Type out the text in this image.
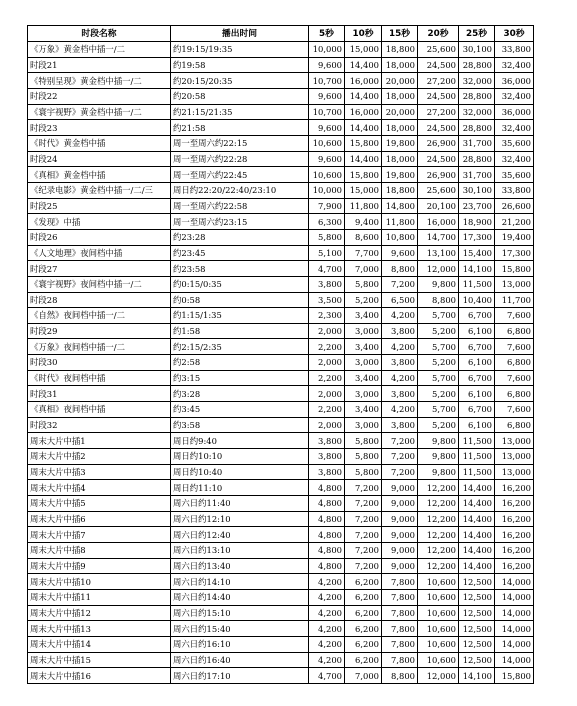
时段名称	播出时间	5秒	10秒	15秒	20秒	25秒	30秒
《万象》黄金档中插一/二	约19:15/19:35	10,000	15,000	18,800	25,600	30,100	33,800
时段21	约19:58	9,600	14,400	18,000	24,500	28,800	32,400
《特别呈现》黄金档中插一/二	约20:15/20:35	10,700	16,000	20,000	27,200	32,000	36,000
时段22	约20:58	9,600	14,400	18,000	24,500	28,800	32,400
《寰宇视野》黄金档中插一/二	约21:15/21:35	10,700	16,000	20,000	27,200	32,000	36,000
时段23	约21:58	9,600	14,400	18,000	24,500	28,800	32,400
《时代》黄金档中插	周一至周六约22:15	10,600	15,800	19,800	26,900	31,700	35,600
时段24	周一至周六约22:28	9,600	14,400	18,000	24,500	28,800	32,400
《真相》黄金档中插	周一至周六约22:45	10,600	15,800	19,800	26,900	31,700	35,600
《纪录电影》黄金档中插一/二/三	周日约22:20/22:40/23:10	10,000	15,000	18,800	25,600	30,100	33,800
时段25	周一至周六约22:58	7,900	11,800	14,800	20,100	23,700	26,600
《发现》中插	周一至周六约23:15	6,300	9,400	11,800	16,000	18,900	21,200
时段26	约23:28	5,800	8,600	10,800	14,700	17,300	19,400
《人文地理》夜间档中插	约23:45	5,100	7,700	9,600	13,100	15,400	17,300
时段27	约23:58	4,700	7,000	8,800	12,000	14,100	15,800
《寰宇视野》夜间档中插一/二	约0:15/0:35	3,800	5,800	7,200	9,800	11,500	13,000
时段28	约0:58	3,500	5,200	6,500	8,800	10,400	11,700
《自然》夜间档中插一/二	约1:15/1:35	2,300	3,400	4,200	5,700	6,700	7,600
时段29	约1:58	2,000	3,000	3,800	5,200	6,100	6,800
《万象》夜间档中插一/二	约2:15/2:35	2,200	3,400	4,200	5,700	6,700	7,600
时段30	约2:58	2,000	3,000	3,800	5,200	6,100	6,800
《时代》夜间档中插	约3:15	2,200	3,400	4,200	5,700	6,700	7,600
时段31	约3:28	2,000	3,000	3,800	5,200	6,100	6,800
《真相》夜间档中插	约3:45	2,200	3,400	4,200	5,700	6,700	7,600
时段32	约3:58	2,000	3,000	3,800	5,200	6,100	6,800
周末大片中插1	周日约9:40	3,800	5,800	7,200	9,800	11,500	13,000
周末大片中插2	周日约10:10	3,800	5,800	7,200	9,800	11,500	13,000
周末大片中插3	周日约10:40	3,800	5,800	7,200	9,800	11,500	13,000
周末大片中插4	周日约11:10	4,800	7,200	9,000	12,200	14,400	16,200
周末大片中插5	周六日约11:40	4,800	7,200	9,000	12,200	14,400	16,200
周末大片中插6	周六日约12:10	4,800	7,200	9,000	12,200	14,400	16,200
周末大片中插7	周六日约12:40	4,800	7,200	9,000	12,200	14,400	16,200
周末大片中插8	周六日约13:10	4,800	7,200	9,000	12,200	14,400	16,200
周末大片中插9	周六日约13:40	4,800	7,200	9,000	12,200	14,400	16,200
周末大片中插10	周六日约14:10	4,200	6,200	7,800	10,600	12,500	14,000
周末大片中插11	周六日约14:40	4,200	6,200	7,800	10,600	12,500	14,000
周末大片中插12	周六日约15:10	4,200	6,200	7,800	10,600	12,500	14,000
周末大片中插13	周六日约15:40	4,200	6,200	7,800	10,600	12,500	14,000
周末大片中插14	周六日约16:10	4,200	6,200	7,800	10,600	12,500	14,000
周末大片中插15	周六日约16:40	4,200	6,200	7,800	10,600	12,500	14,000
周末大片中插16	周六日约17:10	4,700	7,000	8,800	12,000	14,100	15,800
